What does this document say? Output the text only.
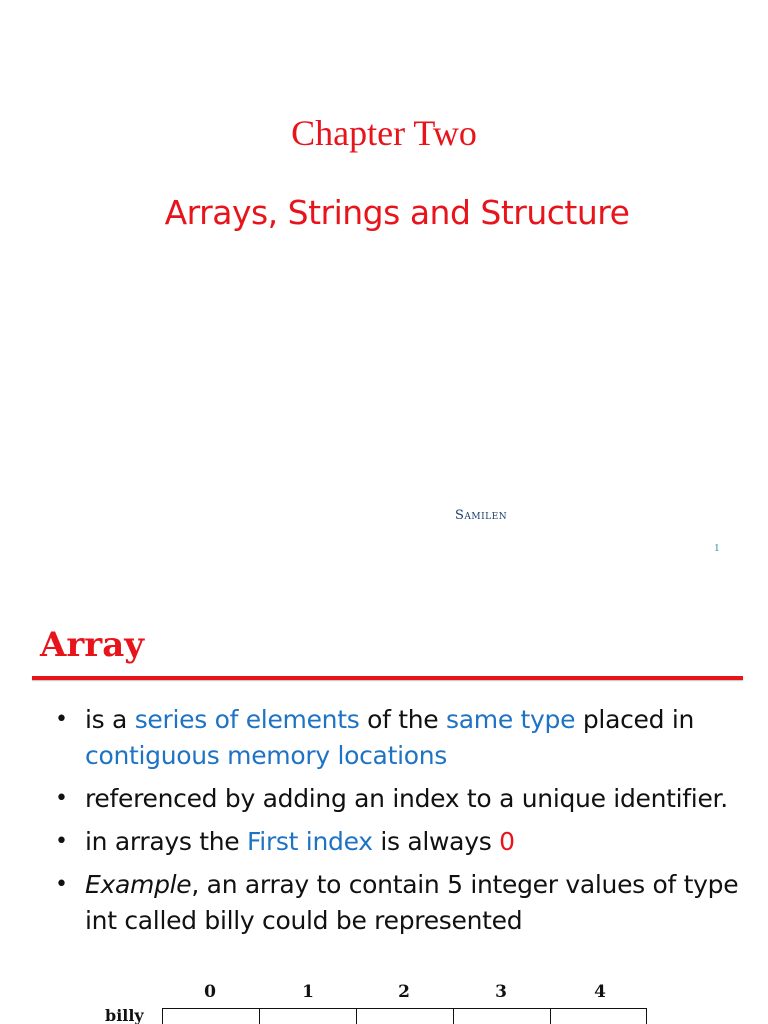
Chapter Two
Arrays, Strings and Structure
Samilen
1
Array
• is a series of elements of the same type placed in contiguous memory locations
• referenced by adding an index to a unique identifier.
• in arrays the First index is always 0
• Example, an array to contain 5 integer values of type int called billy could be represented
0	1	2	3	4
billy
